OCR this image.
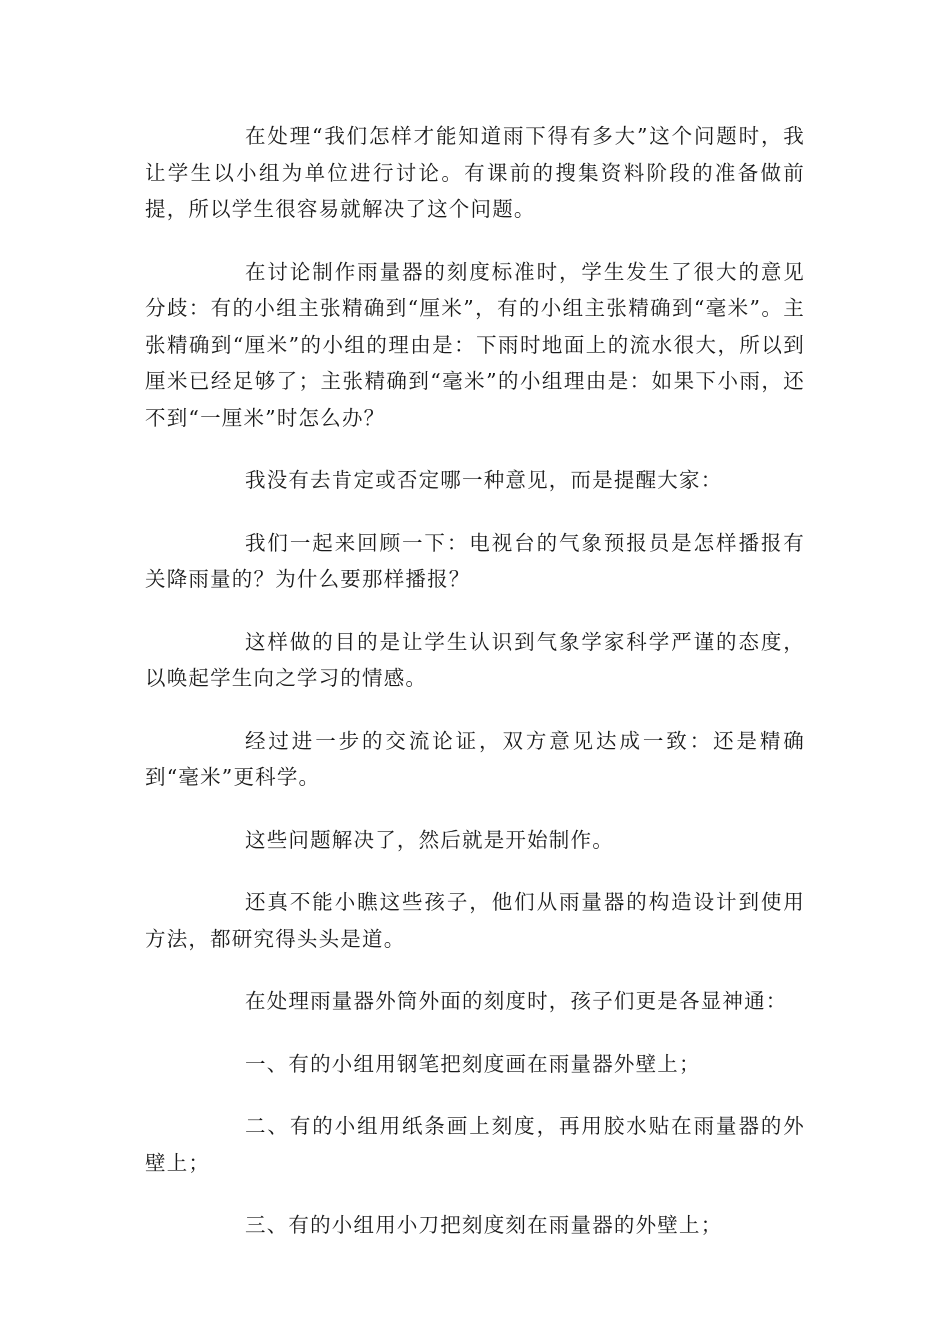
在处理“我们怎样才能知道雨下得有多大”这个问题时，我让学生以小组为单位进行讨论。有课前的搜集资料阶段的准备做前提，所以学生很容易就解决了这个问题。

在讨论制作雨量器的刻度标准时，学生发生了很大的意见分歧：有的小组主张精确到“厘米”，有的小组主张精确到“毫米”。主张精确到“厘米”的小组的理由是：下雨时地面上的流水很大，所以到厘米已经足够了；主张精确到“毫米”的小组理由是：如果下小雨，还不到“一厘米”时怎么办？

我没有去肯定或否定哪一种意见，而是提醒大家：

我们一起来回顾一下：电视台的气象预报员是怎样播报有关降雨量的？为什么要那样播报？

这样做的目的是让学生认识到气象学家科学严谨的态度，以唤起学生向之学习的情感。

经过进一步的交流论证，双方意见达成一致：还是精确到“毫米”更科学。

这些问题解决了，然后就是开始制作。

还真不能小瞧这些孩子，他们从雨量器的构造设计到使用方法，都研究得头头是道。

在处理雨量器外筒外面的刻度时，孩子们更是各显神通：

一、有的小组用钢笔把刻度画在雨量器外壁上；

二、有的小组用纸条画上刻度，再用胶水贴在雨量器的外壁上；

三、有的小组用小刀把刻度刻在雨量器的外壁上；
